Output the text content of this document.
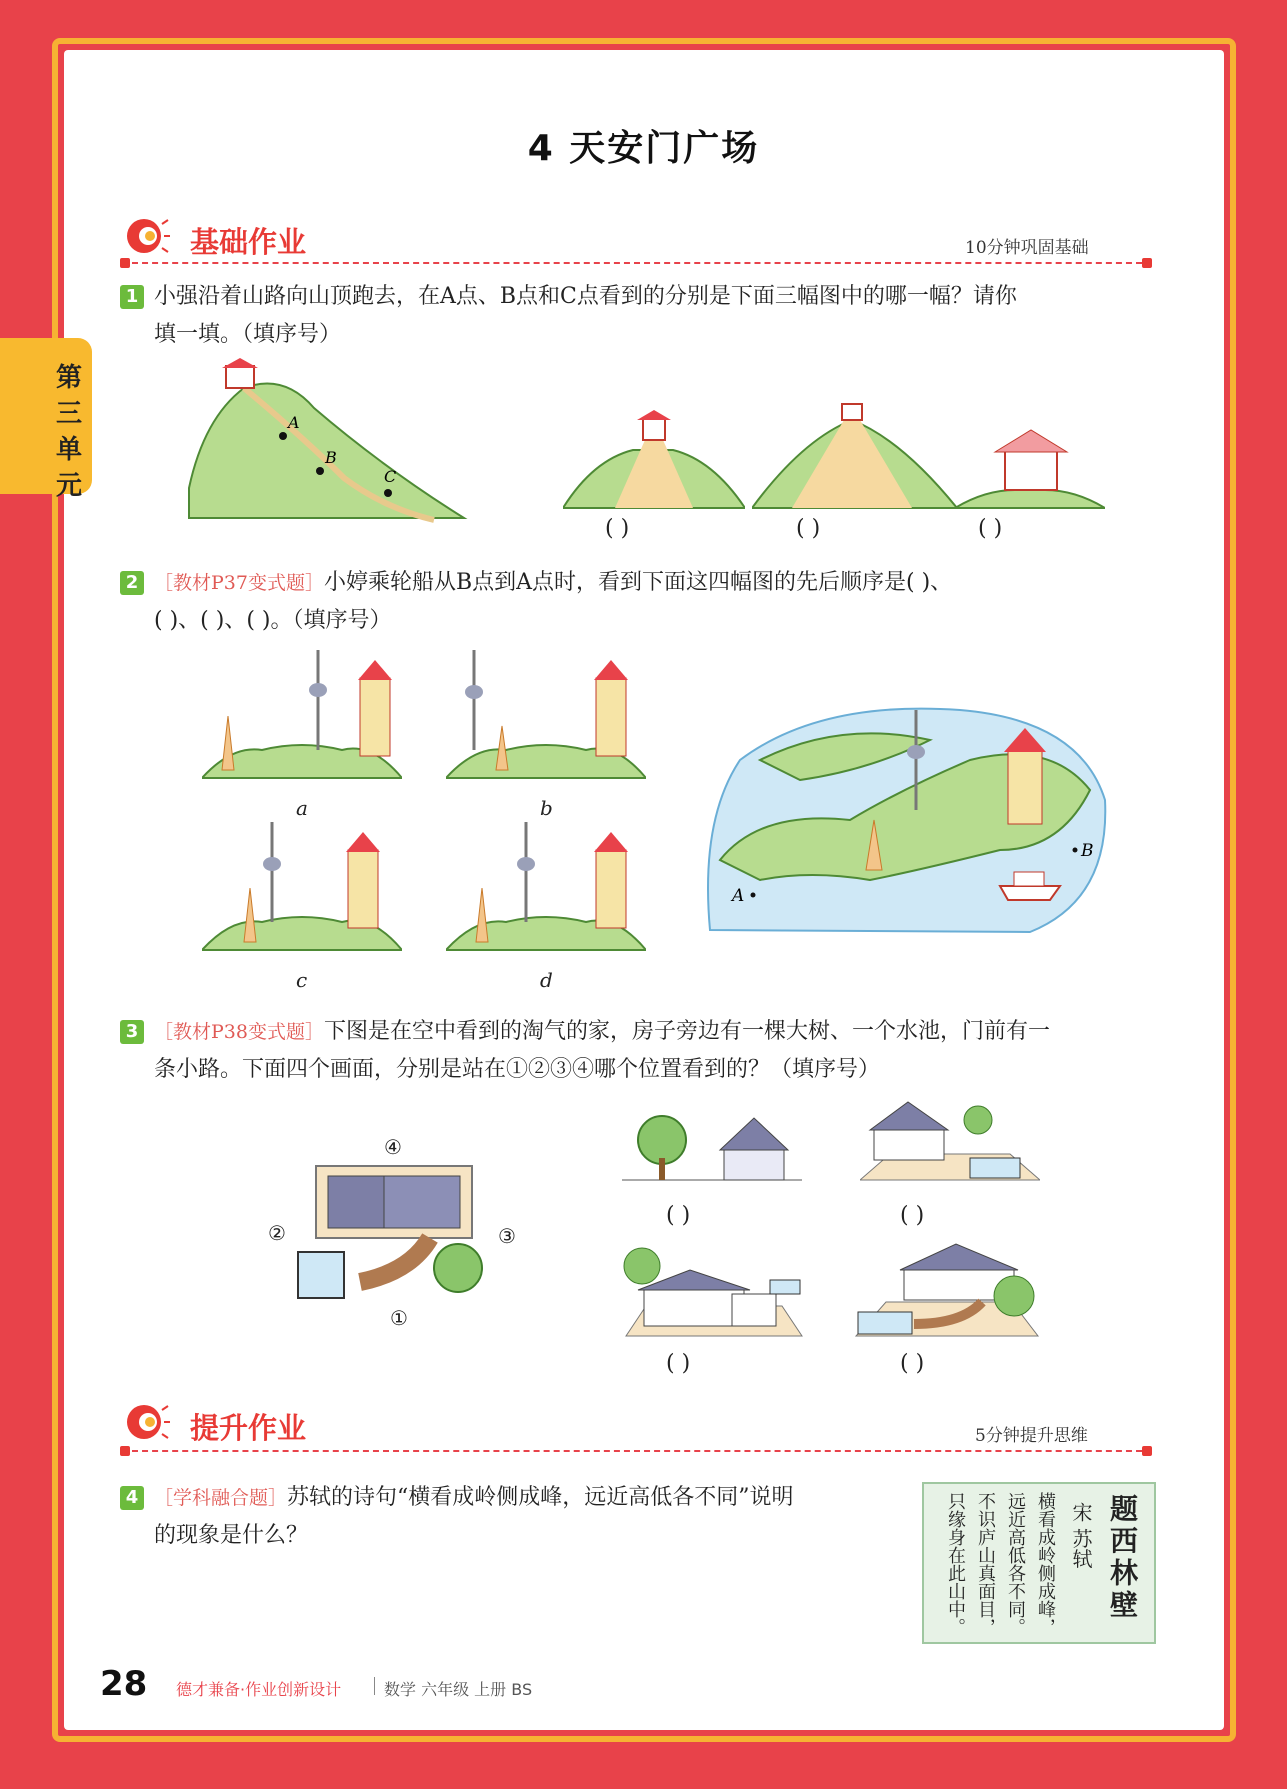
4 天安门广场
第三单元
基础作业	10分钟巩固基础
1 小强沿着山路向山顶跑去，在A点、B点和C点看到的分别是下面三幅图中的哪一幅？请你
填一填。（填序号）
A
B
C
( )	( )	( )
2 ［教材P37变式题］小婷乘轮船从B点到A点时，看到下面这四幅图的先后顺序是( )、
( )、( )、( )。（填序号）
a	b
c	d
B
A
3 ［教材P38变式题］下图是在空中看到的淘气的家，房子旁边有一棵大树、一个水池，门前有一
条小路。下面四个画面，分别是站在①②③④哪个位置看到的？（填序号）
④
②	③
①
( )	( )
( )	( )
提升作业	5分钟提升思维
4 ［学科融合题］苏轼的诗句“横看成岭侧成峰，远近高低各不同”说明
的现象是什么？	题西林壁
宋 苏轼
横看成岭侧成峰，
远近高低各不同。
不识庐山真面目，
只缘身在此山中。
28 德才兼备·作业创新设计	数学 六年级 上册 BS
